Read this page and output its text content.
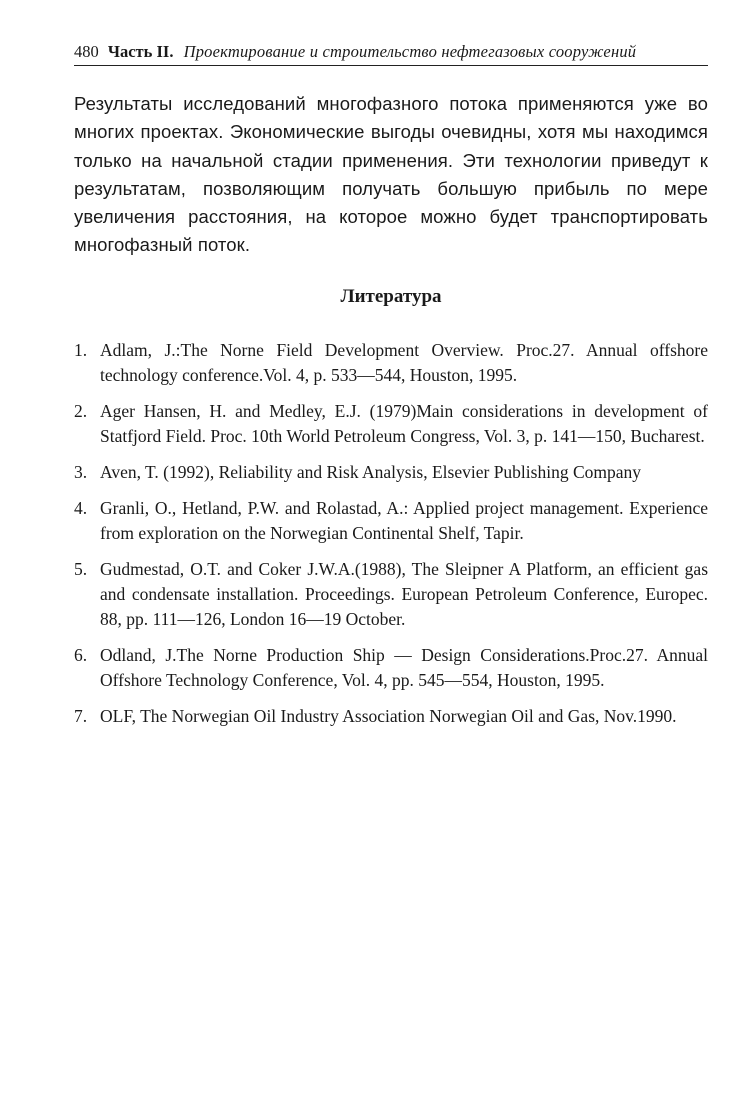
480 Часть II. Проектирование и строительство нефтегазовых сооружений

Результаты исследований многофазного потока применяются уже во многих проектах. Экономические выгоды очевидны, хотя мы находимся только на начальной стадии применения. Эти технологии приведут к результатам, позволяющим получать большую прибыль по мере увеличения расстояния, на которое можно будет транспортировать многофазный поток.

Литература
1. Adlam, J.:The Norne Field Development Overview. Proc.27. Annual offshore technology conference.Vol. 4, p. 533—544, Houston, 1995.
2. Ager Hansen, H. and Medley, E.J. (1979)Main considerations in development of Statfjord Field. Proc. 10th World Petroleum Congress, Vol. 3, p. 141—150, Bucharest.
3. Aven, T. (1992), Reliability and Risk Analysis, Elsevier Publishing Company
4. Granli, O., Hetland, P.W. and Rolastad, A.: Applied project management. Experience from exploration on the Norwegian Continental Shelf, Tapir.
5. Gudmestad, O.T. and Coker J.W.A.(1988), The Sleipner A Platform, an efficient gas and condensate installation. Proceedings. European Petroleum Conference, Europec. 88, pp. 111—126, London 16—19 October.
6. Odland, J.The Norne Production Ship — Design Considerations.Proc.27. Annual Offshore Technology Conference, Vol. 4, pp. 545—554, Houston, 1995.
7. OLF, The Norwegian Oil Industry Association Norwegian Oil and Gas, Nov.1990.
